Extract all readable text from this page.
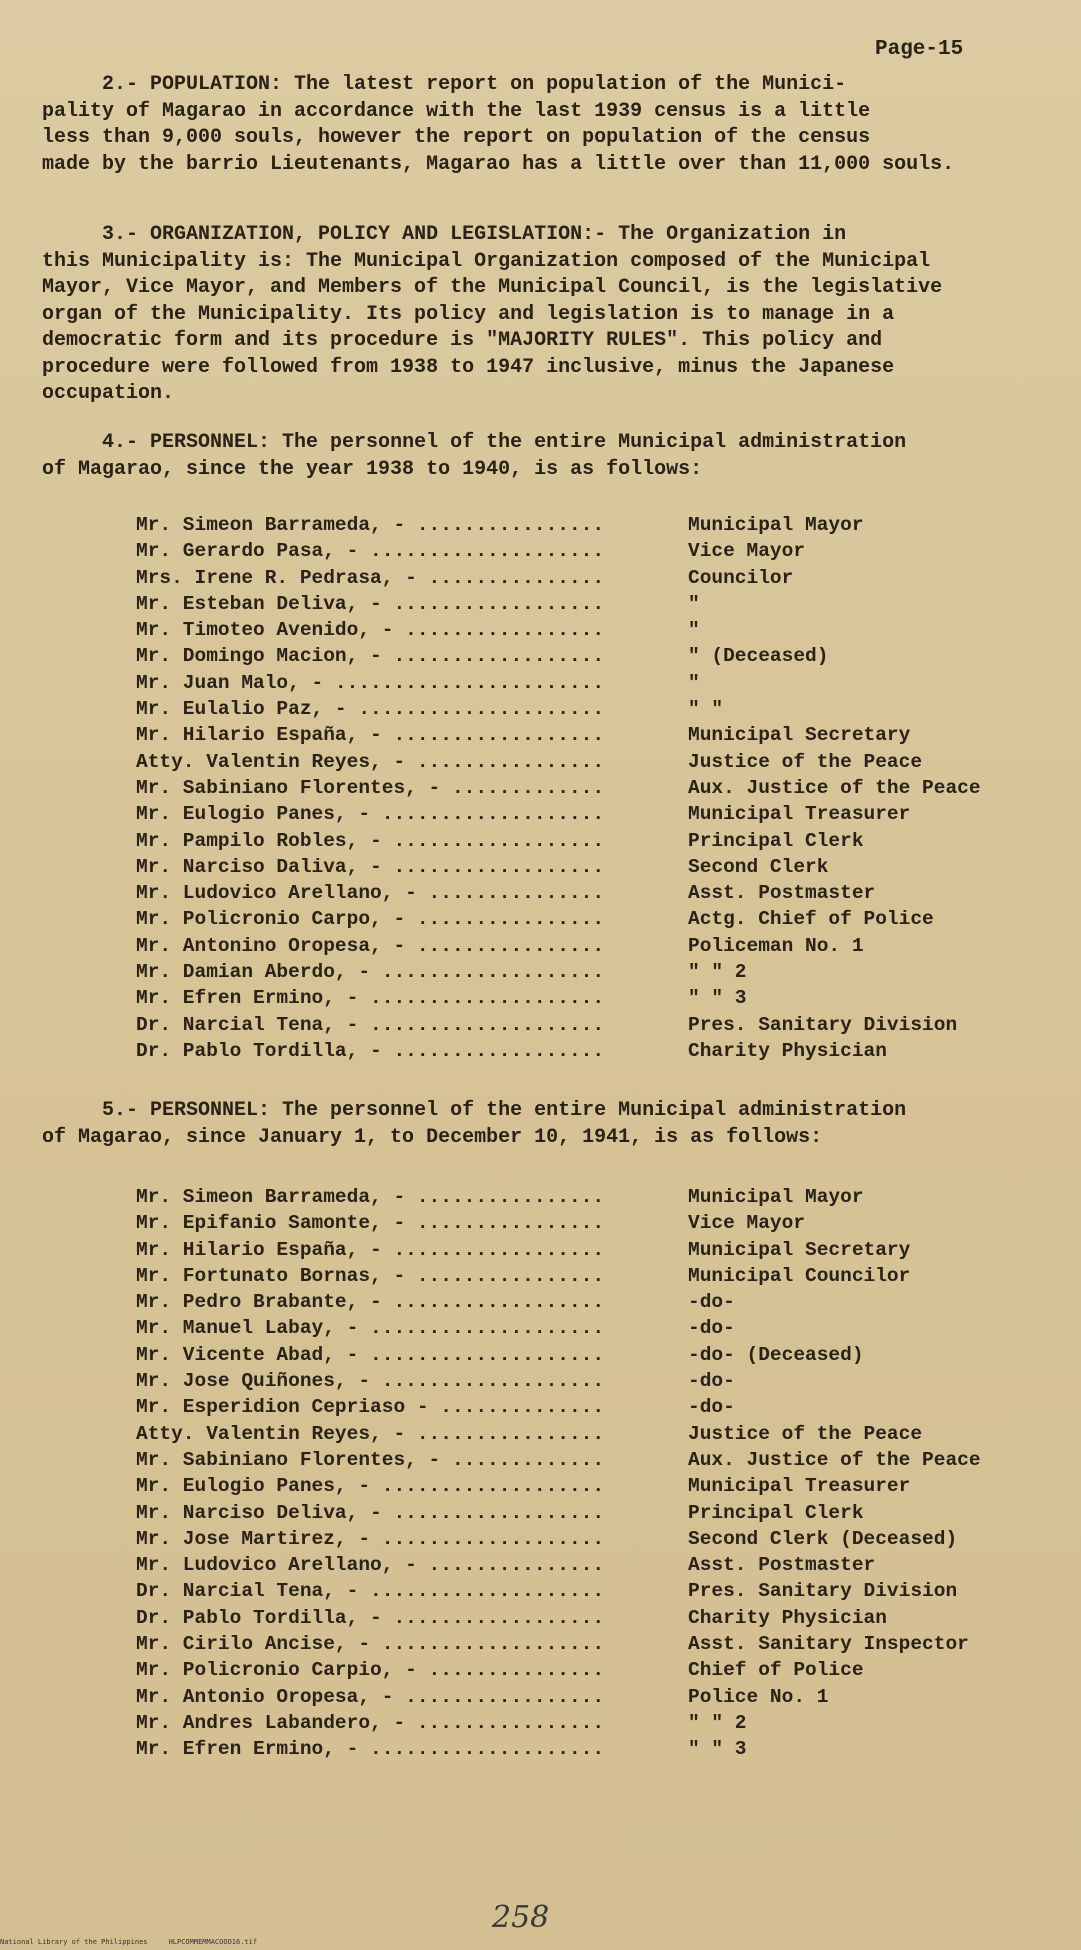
Page-15

2.- POPULATION: The latest report on population of the Munici-
pality of Magarao in accordance with the last 1939 census is a little
less than 9,000 souls, however the report on population of the census
made by the barrio Lieutenants, Magarao has a little over than 11,000 souls.

3.- ORGANIZATION, POLICY AND LEGISLATION:- The Organization in
this Municipality is: The Municipal Organization composed of the Municipal
Mayor, Vice Mayor, and Members of the Municipal Council, is the legislative
organ of the Municipality. Its policy and legislation is to manage in a
democratic form and its procedure is "MAJORITY RULES". This policy and
procedure were followed from 1938 to 1947 inclusive, minus the Japanese
occupation.

4.- PERSONNEL: The personnel of the entire Municipal administration
of Magarao, since the year 1938 to 1940, is as follows:

Mr. Simeon Barrameda, - ................	Municipal Mayor
Mr. Gerardo Pasa, - ....................	Vice Mayor
Mrs. Irene R. Pedrasa, - ...............	Councilor
Mr. Esteban Deliva, - ..................	"
Mr. Timoteo Avenido, - .................	"
Mr. Domingo Macion, - ..................	" (Deceased)
Mr. Juan Malo, - .......................	"
Mr. Eulalio Paz, - .....................	" "
Mr. Hilario España, - ..................	Municipal Secretary
Atty. Valentin Reyes, - ................	Justice of the Peace
Mr. Sabiniano Florentes, - .............	Aux. Justice of the Peace
Mr. Eulogio Panes, - ...................	Municipal Treasurer
Mr. Pampilo Robles, - ..................	Principal Clerk
Mr. Narciso Daliva, - ..................	Second Clerk
Mr. Ludovico Arellano, - ...............	Asst. Postmaster
Mr. Policronio Carpo, - ................	Actg. Chief of Police
Mr. Antonino Oropesa, - ................	Policeman No. 1
Mr. Damian Aberdo, - ...................	" " 2
Mr. Efren Ermino, - ....................	" " 3
Dr. Narcial Tena, - ....................	Pres. Sanitary Division
Dr. Pablo Tordilla, - ..................	Charity Physician

5.- PERSONNEL: The personnel of the entire Municipal administration
of Magarao, since January 1, to December 10, 1941, is as follows:

Mr. Simeon Barrameda, - ................	Municipal Mayor
Mr. Epifanio Samonte, - ................	Vice Mayor
Mr. Hilario España, - ..................	Municipal Secretary
Mr. Fortunato Bornas, - ................	Municipal Councilor
Mr. Pedro Brabante, - ..................	-do-
Mr. Manuel Labay, - ....................	-do-
Mr. Vicente Abad, - ....................	-do- (Deceased)
Mr. Jose Quiñones, - ...................	-do-
Mr. Esperidion Cepriaso - ..............	-do-
Atty. Valentin Reyes, - ................	Justice of the Peace
Mr. Sabiniano Florentes, - .............	Aux. Justice of the Peace
Mr. Eulogio Panes, - ...................	Municipal Treasurer
Mr. Narciso Deliva, - ..................	Principal Clerk
Mr. Jose Martirez, - ...................	Second Clerk (Deceased)
Mr. Ludovico Arellano, - ...............	Asst. Postmaster
Dr. Narcial Tena, - ....................	Pres. Sanitary Division
Dr. Pablo Tordilla, - ..................	Charity Physician
Mr. Cirilo Ancise, - ...................	Asst. Sanitary Inspector
Mr. Policronio Carpio, - ...............	Chief of Police
Mr. Antonio Oropesa, - .................	Police No. 1
Mr. Andres Labandero, - ................	" " 2
Mr. Efren Ermino, - ....................	" " 3
258
National Library of the Philippines     HLPCOMMEMMACOOO16.tif
